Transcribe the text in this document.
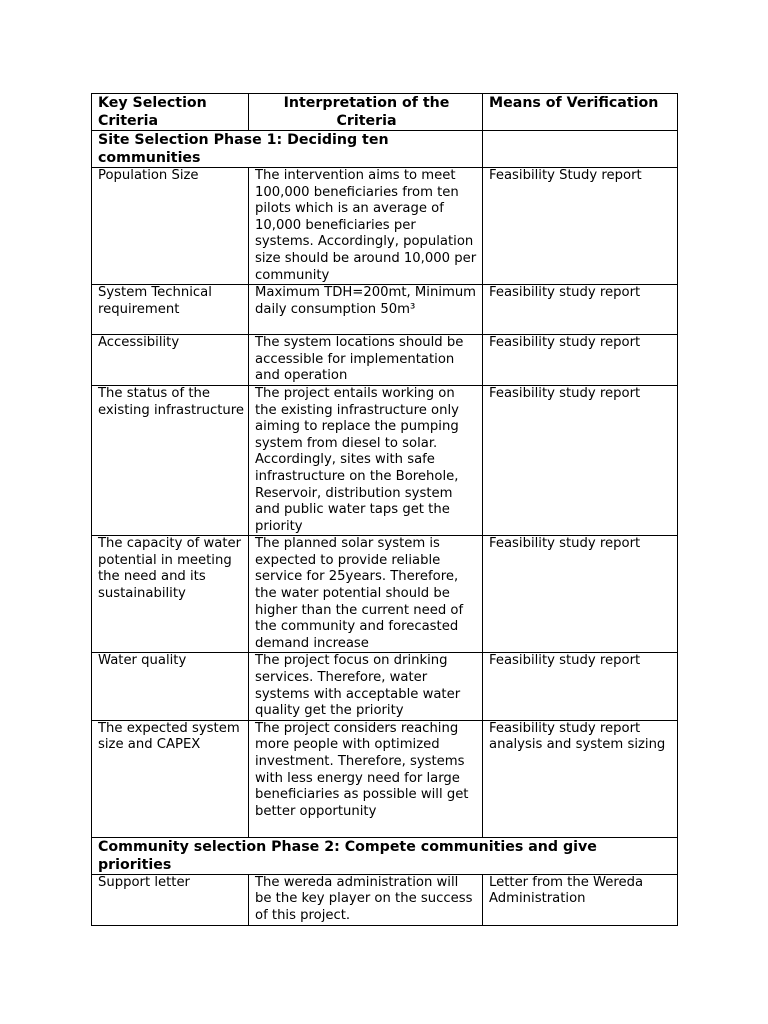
Key Selection Criteria	Interpretation of the Criteria	Means of Verification
Site Selection Phase 1: Deciding ten communities		
Population Size	The intervention aims to meet 100,000 beneficiaries from ten pilots which is an average of 10,000 beneficiaries per systems. Accordingly, population size should be around 10,000 per community	Feasibility Study report
System Technical requirement	Maximum TDH=200mt, Minimum daily consumption 50m³	Feasibility study report
Accessibility	The system locations should be accessible for implementation and operation	Feasibility study report
The status of the existing infrastructure	The project entails working on the existing infrastructure only aiming to replace the pumping system from diesel to solar. Accordingly, sites with safe infrastructure on the Borehole, Reservoir, distribution system and public water taps get the priority	Feasibility study report
The capacity of water potential in meeting the need and its sustainability	The planned solar system is expected to provide reliable service for 25years. Therefore, the water potential should be higher than the current need of the community and forecasted demand increase	Feasibility study report
Water quality	The project focus on drinking services. Therefore, water systems with acceptable water quality get the priority	Feasibility study report
The expected system size and CAPEX	The project considers reaching more people with optimized investment. Therefore, systems with less energy need for large beneficiaries as possible will get better opportunity	Feasibility study report analysis and system sizing
Community selection Phase 2: Compete communities and give priorities		
Support letter	The wereda administration will be the key player on the success of this project.	Letter from the Wereda Administration
